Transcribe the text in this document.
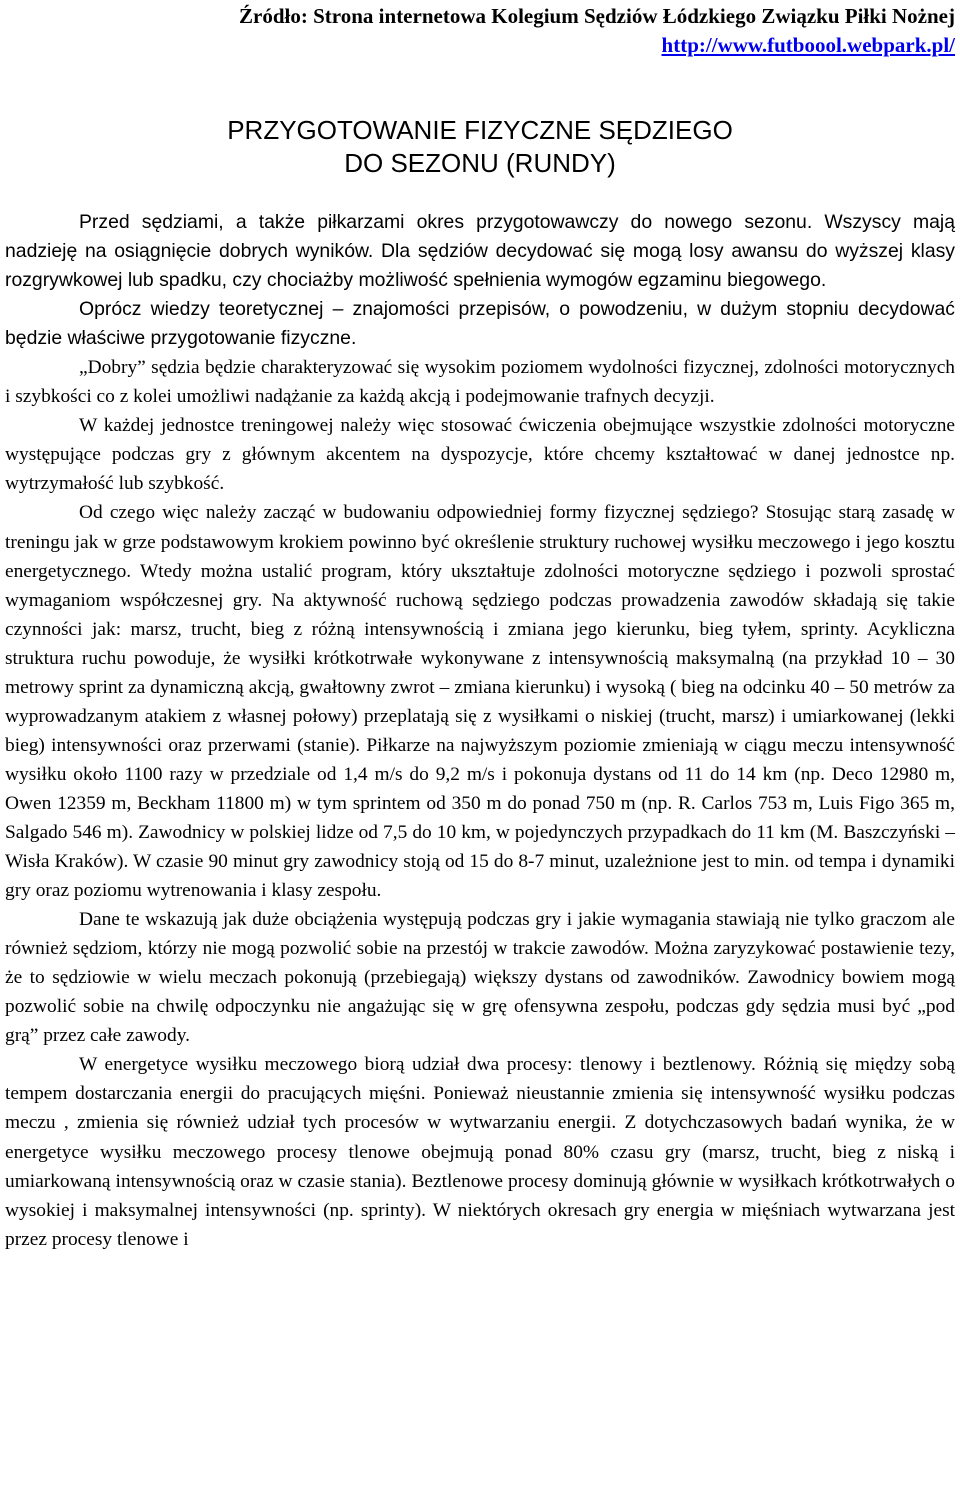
Źródło: Strona internetowa Kolegium Sędziów Łódzkiego Związku Piłki Nożnej
http://www.futboool.webpark.pl/
PRZYGOTOWANIE FIZYCZNE SĘDZIEGO
DO SEZONU (RUNDY)

Przed sędziami, a także piłkarzami okres przygotowawczy do nowego sezonu. Wszyscy mają nadzieję na osiągnięcie dobrych wyników. Dla sędziów decydować się mogą losy awansu do wyższej klasy rozgrywkowej lub spadku, czy chociażby możliwość spełnienia wymogów egzaminu biegowego.

Oprócz wiedzy teoretycznej – znajomości przepisów, o powodzeniu, w dużym stopniu decydować będzie właściwe przygotowanie fizyczne.

„Dobry” sędzia będzie charakteryzować się wysokim poziomem wydolności fizycznej, zdolności motorycznych i szybkości co z kolei umożliwi nadążanie za każdą akcją i podejmowanie trafnych decyzji.

W każdej jednostce treningowej należy więc stosować ćwiczenia obejmujące wszystkie zdolności motoryczne występujące podczas gry z głównym akcentem na dyspozycje, które chcemy kształtować w danej jednostce np. wytrzymałość lub szybkość.

Od czego więc należy zacząć w budowaniu odpowiedniej formy fizycznej sędziego? Stosując starą zasadę w treningu jak w grze podstawowym krokiem powinno być określenie struktury ruchowej wysiłku meczowego i jego kosztu energetycznego. Wtedy można ustalić program, który ukształtuje zdolności motoryczne sędziego i pozwoli sprostać wymaganiom współczesnej gry. Na aktywność ruchową sędziego podczas prowadzenia zawodów składają się takie czynności jak: marsz, trucht, bieg z różną intensywnością i zmiana jego kierunku, bieg tyłem, sprinty. Acykliczna struktura ruchu powoduje, że wysiłki krótkotrwałe wykonywane z intensywnością maksymalną (na przykład 10 – 30 metrowy sprint za dynamiczną akcją, gwałtowny zwrot – zmiana kierunku) i wysoką ( bieg na odcinku 40 – 50 metrów za wyprowadzanym atakiem z własnej połowy) przeplatają się z wysiłkami o niskiej (trucht, marsz) i umiarkowanej (lekki bieg) intensywności oraz przerwami (stanie). Piłkarze na najwyższym poziomie zmieniają w ciągu meczu intensywność wysiłku około 1100 razy w przedziale od 1,4 m/s do 9,2 m/s i pokonuja dystans od 11 do 14 km (np. Deco 12980 m, Owen 12359 m, Beckham 11800 m) w tym sprintem od 350 m do ponad 750 m (np. R. Carlos 753 m, Luis Figo 365 m, Salgado 546 m). Zawodnicy w polskiej lidze od 7,5 do 10 km, w pojedynczych przypadkach do 11 km (M. Baszczyński – Wisła Kraków). W czasie 90 minut gry zawodnicy stoją od 15 do 8-7 minut, uzależnione jest to min. od tempa i dynamiki gry oraz poziomu wytrenowania i klasy zespołu.

Dane te wskazują jak duże obciążenia występują podczas gry i jakie wymagania stawiają nie tylko graczom ale również sędziom, którzy nie mogą pozwolić sobie na przestój w trakcie zawodów. Można zaryzykować postawienie tezy, że to sędziowie w wielu meczach pokonują (przebiegają) większy dystans od zawodników. Zawodnicy bowiem mogą pozwolić sobie na chwilę odpoczynku nie angażując się w grę ofensywna zespołu, podczas gdy sędzia musi być „pod grą” przez całe zawody.

W energetyce wysiłku meczowego biorą udział dwa procesy: tlenowy i beztlenowy. Różnią się między sobą tempem dostarczania energii do pracujących mięśni. Ponieważ nieustannie zmienia się intensywność wysiłku podczas meczu , zmienia się również udział tych procesów w wytwarzaniu energii. Z dotychczasowych badań wynika, że w energetyce wysiłku meczowego procesy tlenowe obejmują ponad 80% czasu gry (marsz, trucht, bieg z niską i umiarkowaną intensywnością oraz w czasie stania). Beztlenowe procesy dominują głównie w wysiłkach krótkotrwałych o wysokiej i maksymalnej intensywności (np. sprinty). W niektórych okresach gry energia w mięśniach wytwarzana jest przez procesy tlenowe i
